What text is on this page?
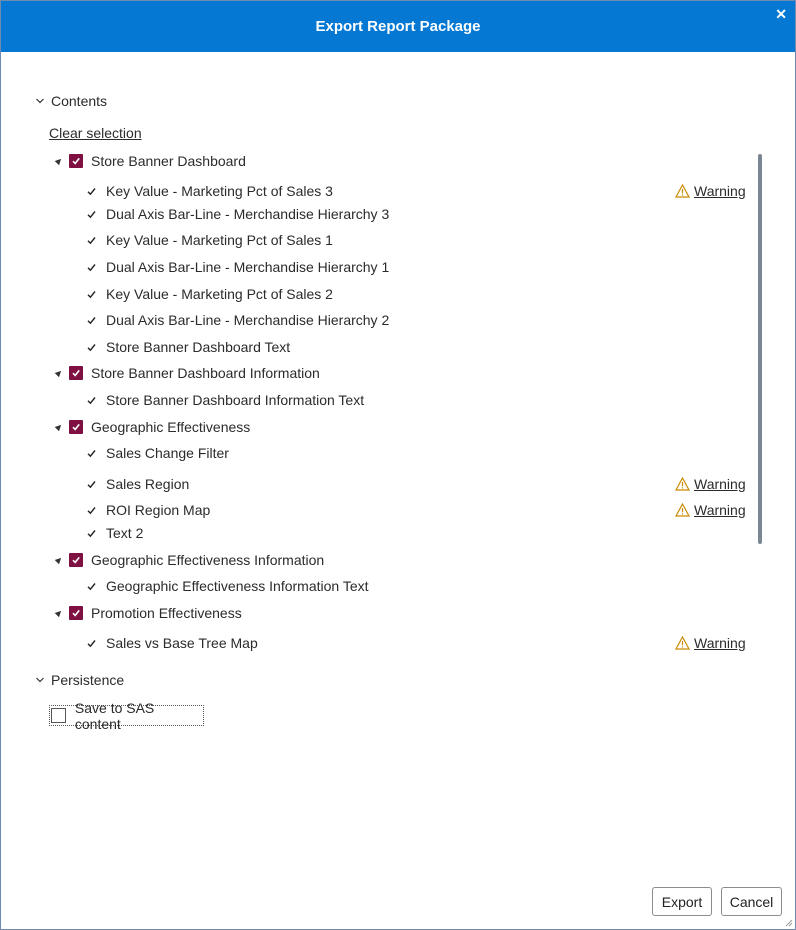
Export Report Package
✕
Contents
Clear selection
Store Banner Dashboard
Key Value - Marketing Pct of Sales 3	Warning
Dual Axis Bar-Line - Merchandise Hierarchy 3
Key Value - Marketing Pct of Sales 1
Dual Axis Bar-Line - Merchandise Hierarchy 1
Key Value - Marketing Pct of Sales 2
Dual Axis Bar-Line - Merchandise Hierarchy 2
Store Banner Dashboard Text
Store Banner Dashboard Information
Store Banner Dashboard Information Text
Geographic Effectiveness
Sales Change Filter
Sales Region	Warning
ROI Region Map	Warning
Text 2
Geographic Effectiveness Information
Geographic Effectiveness Information Text
Promotion Effectiveness
Sales vs Base Tree Map	Warning
Persistence
Save to SAS content
Export	Cancel
